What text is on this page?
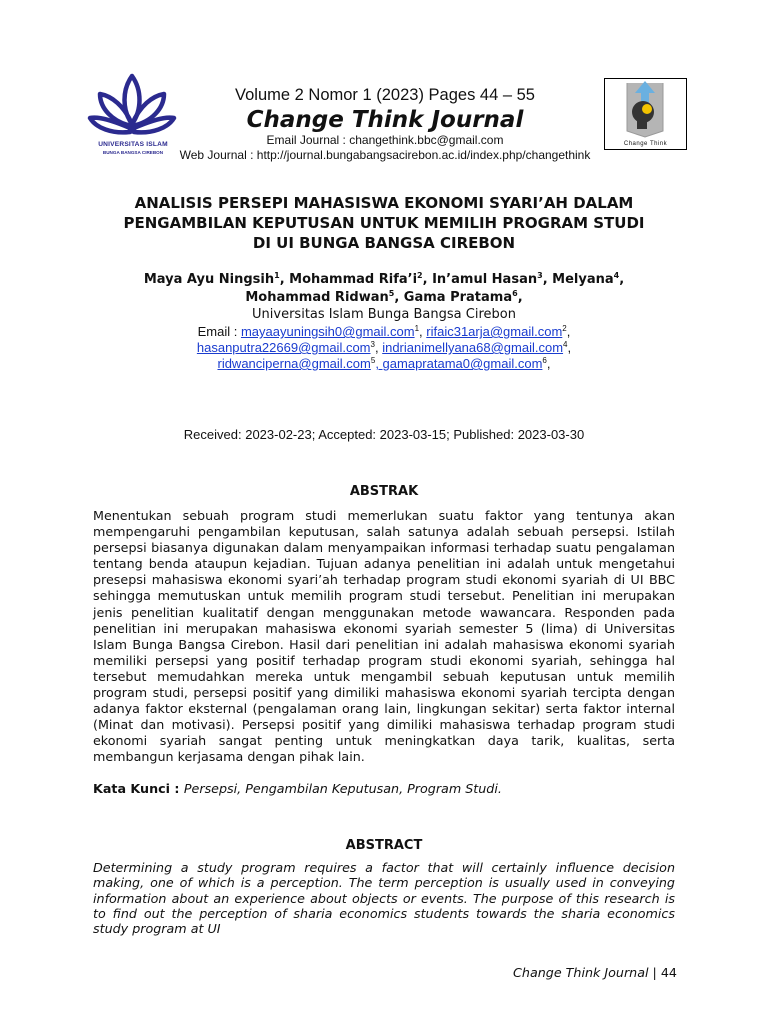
UNIVERSITAS ISLAM
BUNGA BANGSA CIREBON
Volume 2 Nomor 1 (2023) Pages 44 – 55
Change Think Journal
Email Journal : changethink.bbc@gmail.com
Web Journal : http://journal.bungabangsacirebon.ac.id/index.php/changethink
Change Think
ANALISIS PERSEPI MAHASISWA EKONOMI SYARI’AH DALAM
PENGAMBILAN KEPUTUSAN UNTUK MEMILIH PROGRAM STUDI
DI UI BUNGA BANGSA CIREBON
Maya Ayu Ningsih$^1$, Mohammad $Rifa’i^2$, In’amul Hasan$^3$, Melyana$^4$,
Mohammad Ridwan$^5$, Gama Pratama$^6$,
Universitas Islam Bunga Bangsa Cirebon
Email : mayaayuningsih0@gmail.com$^1$, rifaic31arja@gmail.com$^2$,
hasanputra22669@gmail.com$^3$, indrianimellyana68@gmail.com$^4$,
ridwanciperna@gmail.com$^5$, gamapratama0@gmail.com$^6$,
Received: 2023-02-23; Accepted: 2023-03-15; Published: 2023-03-30
ABSTRAK
Menentukan sebuah program studi memerlukan suatu faktor yang tentunya akan mempengaruhi pengambilan keputusan, salah satunya adalah sebuah persepsi. Istilah persepsi biasanya digunakan dalam menyampaikan informasi terhadap suatu pengalaman tentang benda ataupun kejadian. Tujuan adanya penelitian ini adalah untuk mengetahui presepsi mahasiswa ekonomi syari’ah terhadap program studi ekonomi syariah di UI BBC sehingga memutuskan untuk memilih program studi tersebut. Penelitian ini merupakan jenis penelitian kualitatif dengan menggunakan metode wawancara. Responden pada penelitian ini merupakan mahasiswa ekonomi syariah semester 5 (lima) di Universitas Islam Bunga Bangsa Cirebon. Hasil dari penelitian ini adalah mahasiswa ekonomi syariah memiliki persepsi yang positif terhadap program studi ekonomi syariah, sehingga hal tersebut memudahkan mereka untuk mengambil sebuah keputusan untuk memilih program studi, persepsi positif yang dimiliki mahasiswa ekonomi syariah tercipta dengan adanya faktor eksternal (pengalaman orang lain, lingkungan sekitar) serta faktor internal (Minat dan motivasi). Persepsi positif yang dimiliki mahasiswa terhadap program studi ekonomi syariah sangat penting untuk meningkatkan daya tarik, kualitas, serta membangun kerjasama dengan pihak lain.
Kata Kunci : Persepsi, Pengambilan Keputusan, Program Studi.
ABSTRACT
Determining a study program requires a factor that will certainly influence decision making, one of which is a perception. The term perception is usually used in conveying information about an experience about objects or events. The purpose of this research is to find out the perception of sharia economics students towards the sharia economics study program at UI
Change Think Journal | 44
